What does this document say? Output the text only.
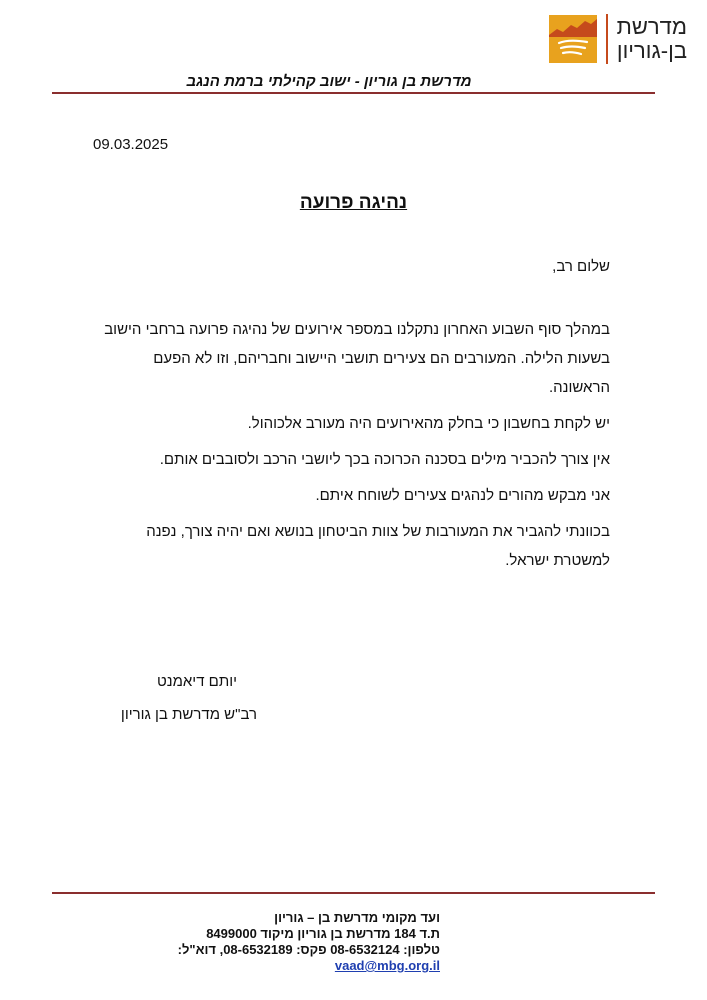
מדרשת
בן-גוריון
מדרשת בן גוריון - ישוב קהילתי ברמת הנגב
09.03.2025
נהיגה פרועה

שלום רב,

במהלך סוף השבוע האחרון נתקלנו במספר אירועים של נהיגה פרועה ברחבי הישוב בשעות הלילה. המעורבים הם צעירים תושבי היישוב וחבריהם, וזו לא הפעם הראשונה.

יש לקחת בחשבון כי בחלק מהאירועים היה מעורב אלכוהול.

אין צורך להכביר מילים בסכנה הכרוכה בכך ליושבי הרכב ולסובבים אותם.

אני מבקש מהורים לנהגים צעירים לשוחח איתם.

בכוונתי להגביר את המעורבות של צוות הביטחון בנושא ואם יהיה צורך, נפנה למשטרת ישראל.

יותם דיאמנט

רב"ש מדרשת בן גוריון

ועד מקומי מדרשת בן – גוריון

ת.ד 184 מדרשת בן גוריון מיקוד 8499000

טלפון: 08-6532124 פקס: 08-6532189, דוא"ל: vaad@mbg.org.il
